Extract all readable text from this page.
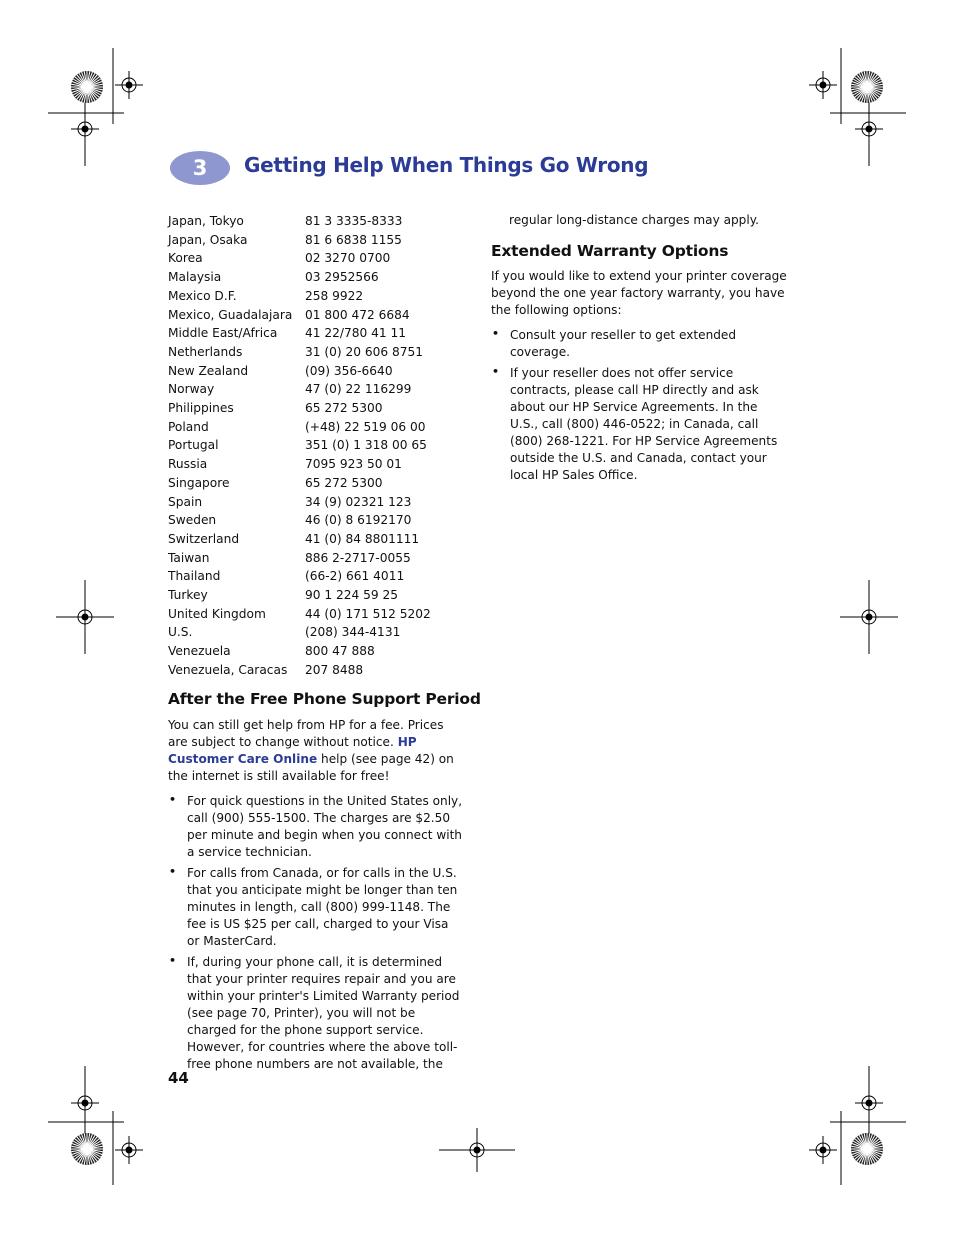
3	Getting Help When Things Go Wrong
Japan, Tokyo	81 3 3335-8333
Japan, Osaka	81 6 6838 1155
Korea	02 3270 0700
Malaysia	03 2952566
Mexico D.F.	258 9922
Mexico, Guadalajara	01 800 472 6684
Middle East/Africa	41 22/780 41 11
Netherlands	31 (0) 20 606 8751
New Zealand	(09) 356-6640
Norway	47 (0) 22 116299
Philippines	65 272 5300
Poland	(+48) 22 519 06 00
Portugal	351 (0) 1 318 00 65
Russia	7095 923 50 01
Singapore	65 272 5300
Spain	34 (9) 02321 123
Sweden	46 (0) 8 6192170
Switzerland	41 (0) 84 8801111
Taiwan	886 2-2717-0055
Thailand	(66-2) 661 4011
Turkey	90 1 224 59 25
United Kingdom	44 (0) 171 512 5202
U.S.	(208) 344-4131
Venezuela	800 47 888
Venezuela, Caracas	207 8488
After the Free Phone Support Period
You can still get help from HP for a fee. Prices are subject to change without notice. HP Customer Care Online help (see page 42) on the internet is still available for free!
• For quick questions in the United States only, call (900) 555-1500. The charges are $2.50 per minute and begin when you connect with a service technician.
• For calls from Canada, or for calls in the U.S. that you anticipate might be longer than ten minutes in length, call (800) 999-1148. The fee is US $25 per call, charged to your Visa or MasterCard.
• If, during your phone call, it is determined that your printer requires repair and you are within your printer's Limited Warranty period (see page 70, Printer), you will not be charged for the phone support service. However, for countries where the above toll-free phone numbers are not available, the
regular long-distance charges may apply.
Extended Warranty Options
If you would like to extend your printer coverage beyond the one year factory warranty, you have the following options:
• Consult your reseller to get extended coverage.
• If your reseller does not offer service contracts, please call HP directly and ask about our HP Service Agreements. In the U.S., call (800) 446-0522; in Canada, call (800) 268-1221. For HP Service Agreements outside the U.S. and Canada, contact your local HP Sales Office.
44
